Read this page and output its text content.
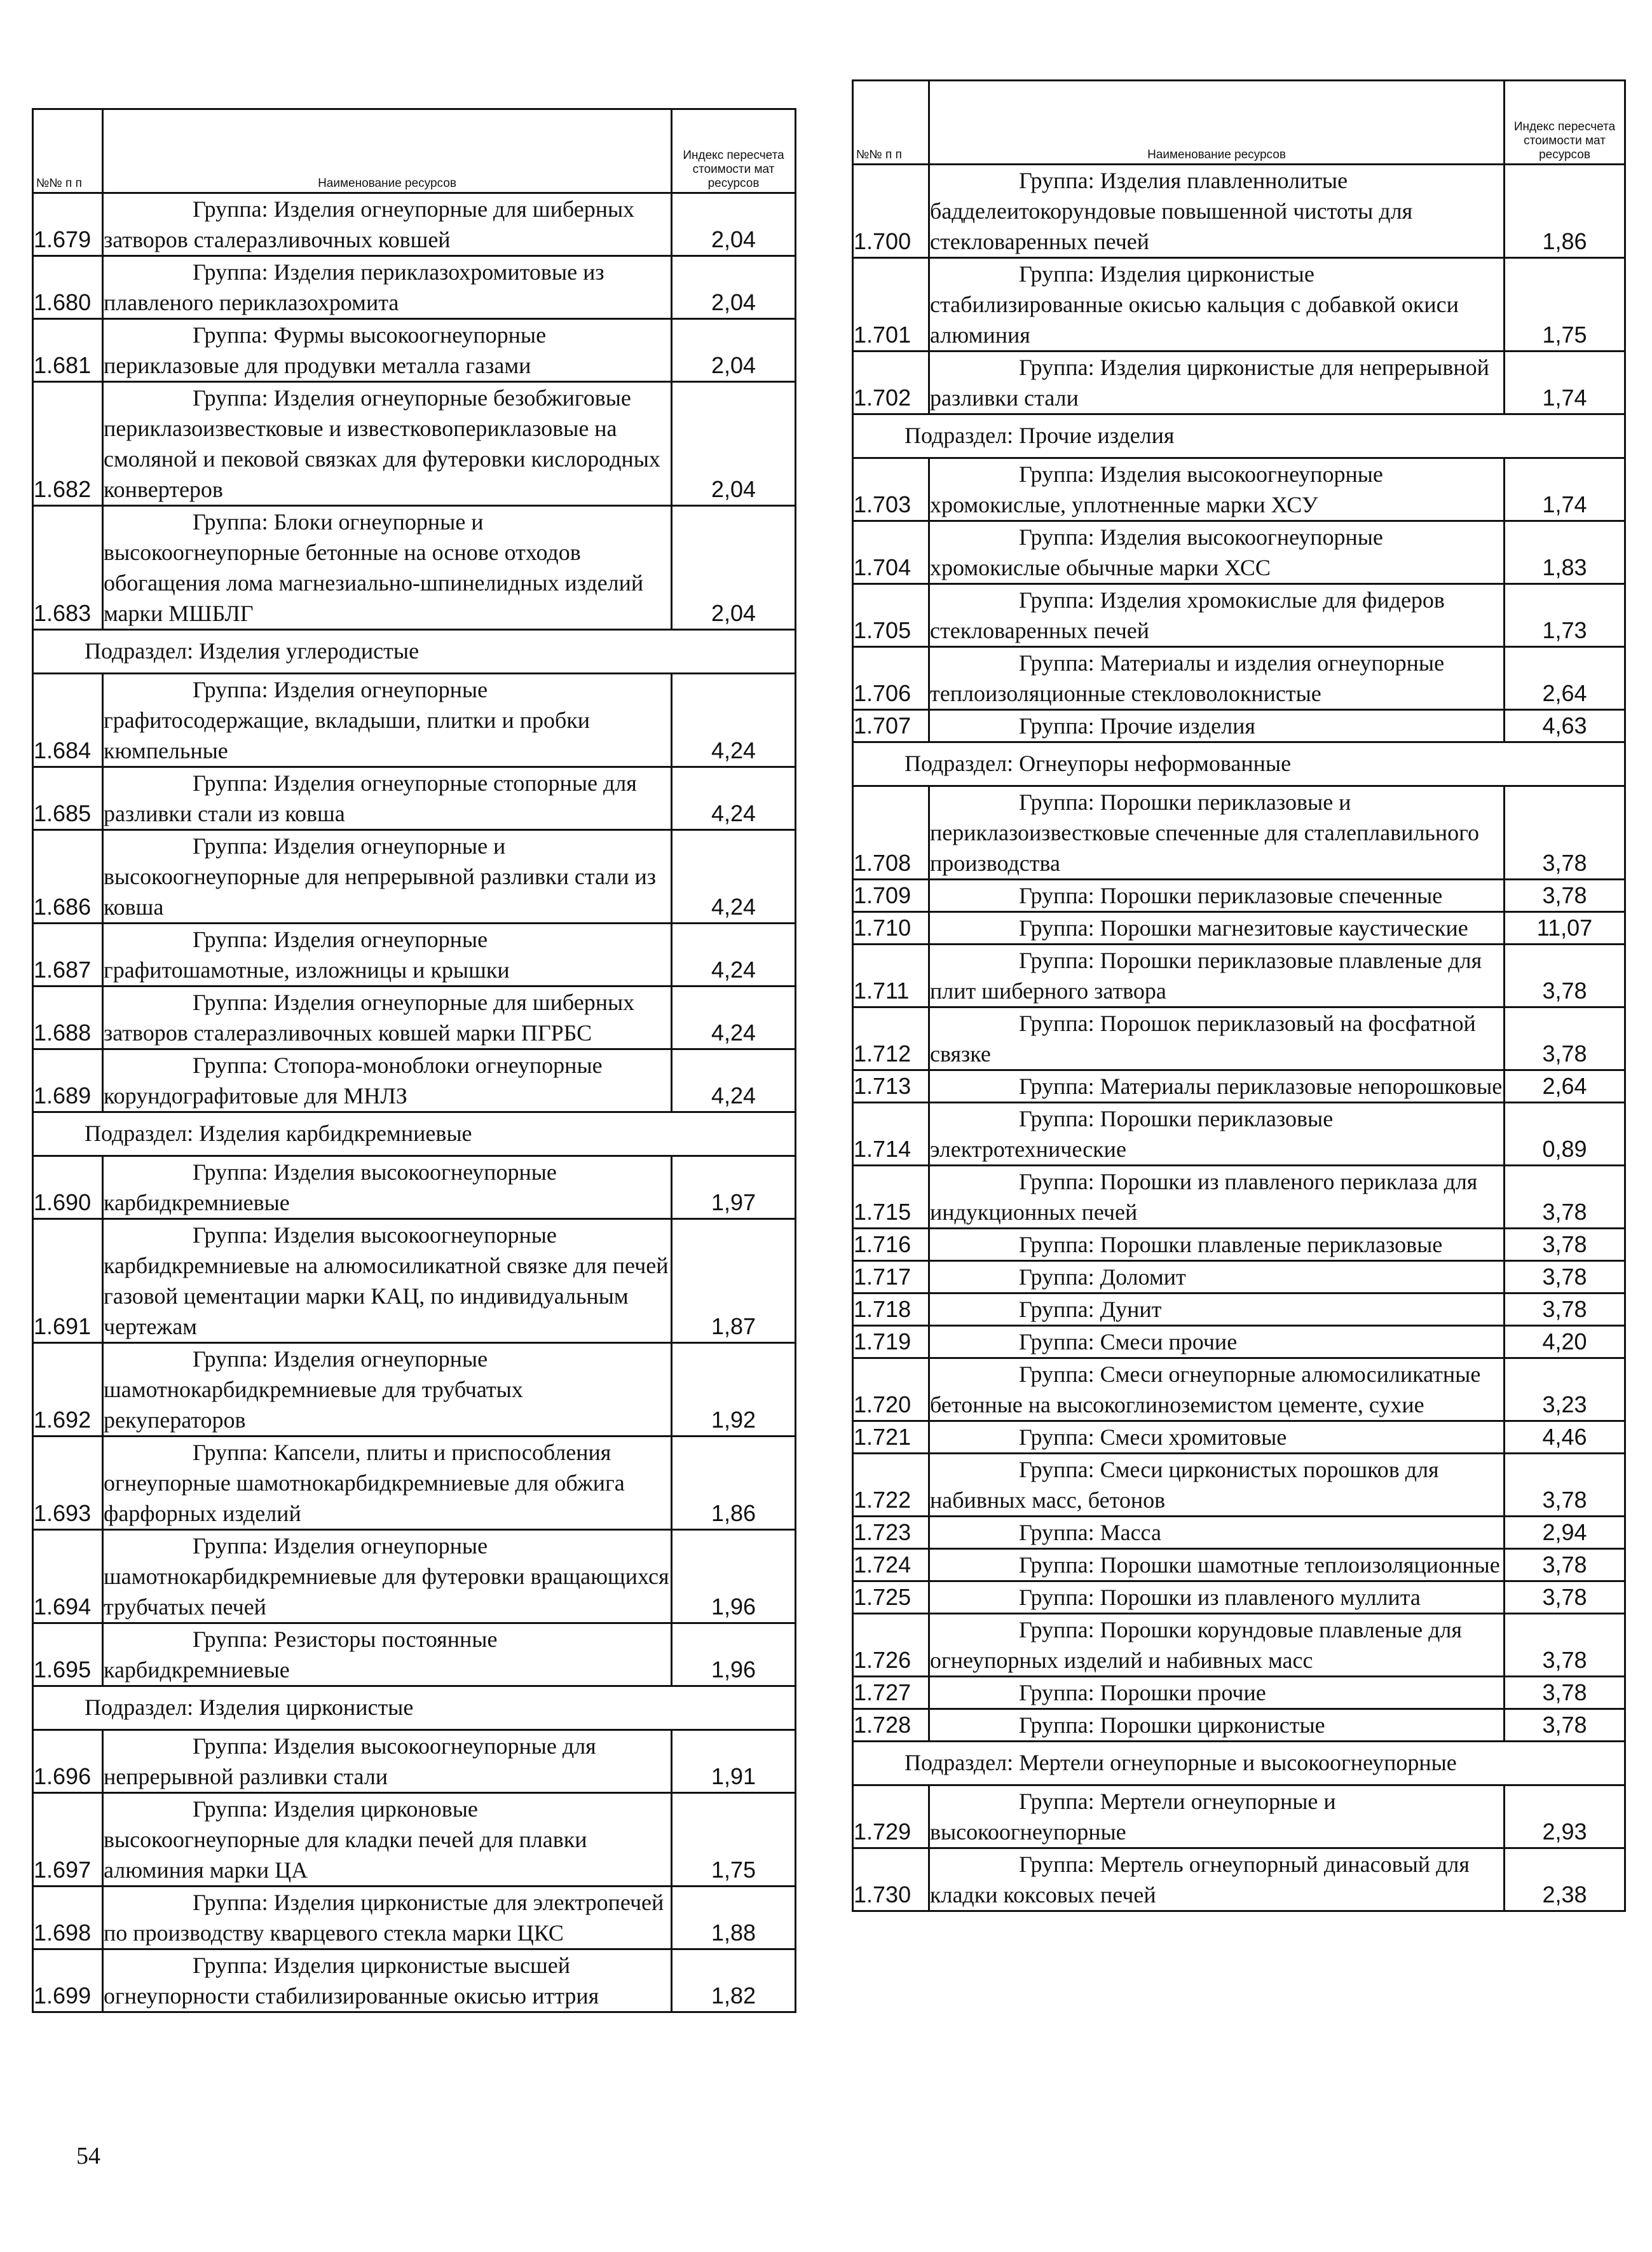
№№ п п	Наименование ресурсов	Индекс пересчета стоимости мат ресурсов
1.679	Группа: Изделия огнеупорные для шиберных затворов сталеразливочных ковшей	2,04
1.680	Группа: Изделия периклазохромитовые из плавленого периклазохромита	2,04
1.681	Группа: Фурмы высокоогнеупорные периклазовые для продувки металла газами	2,04
1.682	Группа: Изделия огнеупорные безобжиговые периклазоизвестковые и известковопериклазовые на смоляной и пековой связках для футеровки кислородных конвертеров	2,04
1.683	Группа: Блоки огнеупорные и высокоогнеупорные бетонные на основе отходов обогащения лома магнезиально-шпинелидных изделий марки МШБЛГ	2,04
Подраздел: Изделия углеродистые		
1.684	Группа: Изделия огнеупорные графитосодержащие, вкладыши, плитки и пробки кюмпельные	4,24
1.685	Группа: Изделия огнеупорные стопорные для разливки стали из ковша	4,24
1.686	Группа: Изделия огнеупорные и высокоогнеупорные для непрерывной разливки стали из ковша	4,24
1.687	Группа: Изделия огнеупорные графитошамотные, изложницы и крышки	4,24
1.688	Группа: Изделия огнеупорные для шиберных затворов сталеразливочных ковшей марки ПГРБС	4,24
1.689	Группа: Стопора-моноблоки огнеупорные корундографитовые для МНЛЗ	4,24
Подраздел: Изделия карбидкремниевые		
1.690	Группа: Изделия высокоогнеупорные карбидкремниевые	1,97
1.691	Группа: Изделия высокоогнеупорные карбидкремниевые на алюмосиликатной связке для печей газовой цементации марки КАЦ, по индивидуальным чертежам	1,87
1.692	Группа: Изделия огнеупорные шамотнокарбидкремниевые для трубчатых рекуператоров	1,92
1.693	Группа: Капсели, плиты и приспособления огнеупорные шамотнокарбидкремниевые для обжига фарфорных изделий	1,86
1.694	Группа: Изделия огнеупорные шамотнокарбидкремниевые для футеровки вращающихся трубчатых печей	1,96
1.695	Группа: Резисторы постоянные карбидкремниевые	1,96
Подраздел: Изделия цирконистые		
1.696	Группа: Изделия высокоогнеупорные для непрерывной разливки стали	1,91
1.697	Группа: Изделия цирконовые высокоогнеупорные для кладки печей для плавки алюминия марки ЦА	1,75
1.698	Группа: Изделия цирконистые для электропечей по производству кварцевого стекла марки ЦКС	1,88
1.699	Группа: Изделия цирконистые высшей огнеупорности стабилизированные окисью иттрия	1,82
№№ п п	Наименование ресурсов	Индекс пересчета стоимости мат ресурсов
1.700	Группа: Изделия плавленнолитые бадделеитокорундовые повышенной чистоты для стекловаренных печей	1,86
1.701	Группа: Изделия цирконистые стабилизированные окисью кальция с добавкой окиси алюминия	1,75
1.702	Группа: Изделия цирконистые для непрерывной разливки стали	1,74
Подраздел: Прочие изделия		
1.703	Группа: Изделия высокоогнеупорные хромокислые, уплотненные марки ХСУ	1,74
1.704	Группа: Изделия высокоогнеупорные хромокислые обычные марки ХСС	1,83
1.705	Группа: Изделия хромокислые для фидеров стекловаренных печей	1,73
1.706	Группа: Материалы и изделия огнеупорные теплоизоляционные стекловолокнистые	2,64
1.707	Группа: Прочие изделия	4,63
Подраздел: Огнеупоры неформованные		
1.708	Группа: Порошки периклазовые и периклазоизвестковые спеченные для сталеплавильного производства	3,78
1.709	Группа: Порошки периклазовые спеченные	3,78
1.710	Группа: Порошки магнезитовые каустические	11,07
1.711	Группа: Порошки периклазовые плавленые для плит шиберного затвора	3,78
1.712	Группа: Порошок периклазовый на фосфатной связке	3,78
1.713	Группа: Материалы периклазовые непорошковые	2,64
1.714	Группа: Порошки периклазовые электротехнические	0,89
1.715	Группа: Порошки из плавленого периклаза для индукционных печей	3,78
1.716	Группа: Порошки плавленые периклазовые	3,78
1.717	Группа: Доломит	3,78
1.718	Группа: Дунит	3,78
1.719	Группа: Смеси прочие	4,20
1.720	Группа: Смеси огнеупорные алюмосиликатные бетонные на высокоглиноземистом цементе, сухие	3,23
1.721	Группа: Смеси хромитовые	4,46
1.722	Группа: Смеси цирконистых порошков для набивных масс, бетонов	3,78
1.723	Группа: Масса	2,94
1.724	Группа: Порошки шамотные теплоизоляционные	3,78
1.725	Группа: Порошки из плавленого муллита	3,78
1.726	Группа: Порошки корундовые плавленые для огнеупорных изделий и набивных масс	3,78
1.727	Группа: Порошки прочие	3,78
1.728	Группа: Порошки цирконистые	3,78
Подраздел: Мертели огнеупорные и высокоогнеупорные		
1.729	Группа: Мертели огнеупорные и высокоогнеупорные	2,93
1.730	Группа: Мертель огнеупорный динасовый для кладки коксовых печей	2,38
54
